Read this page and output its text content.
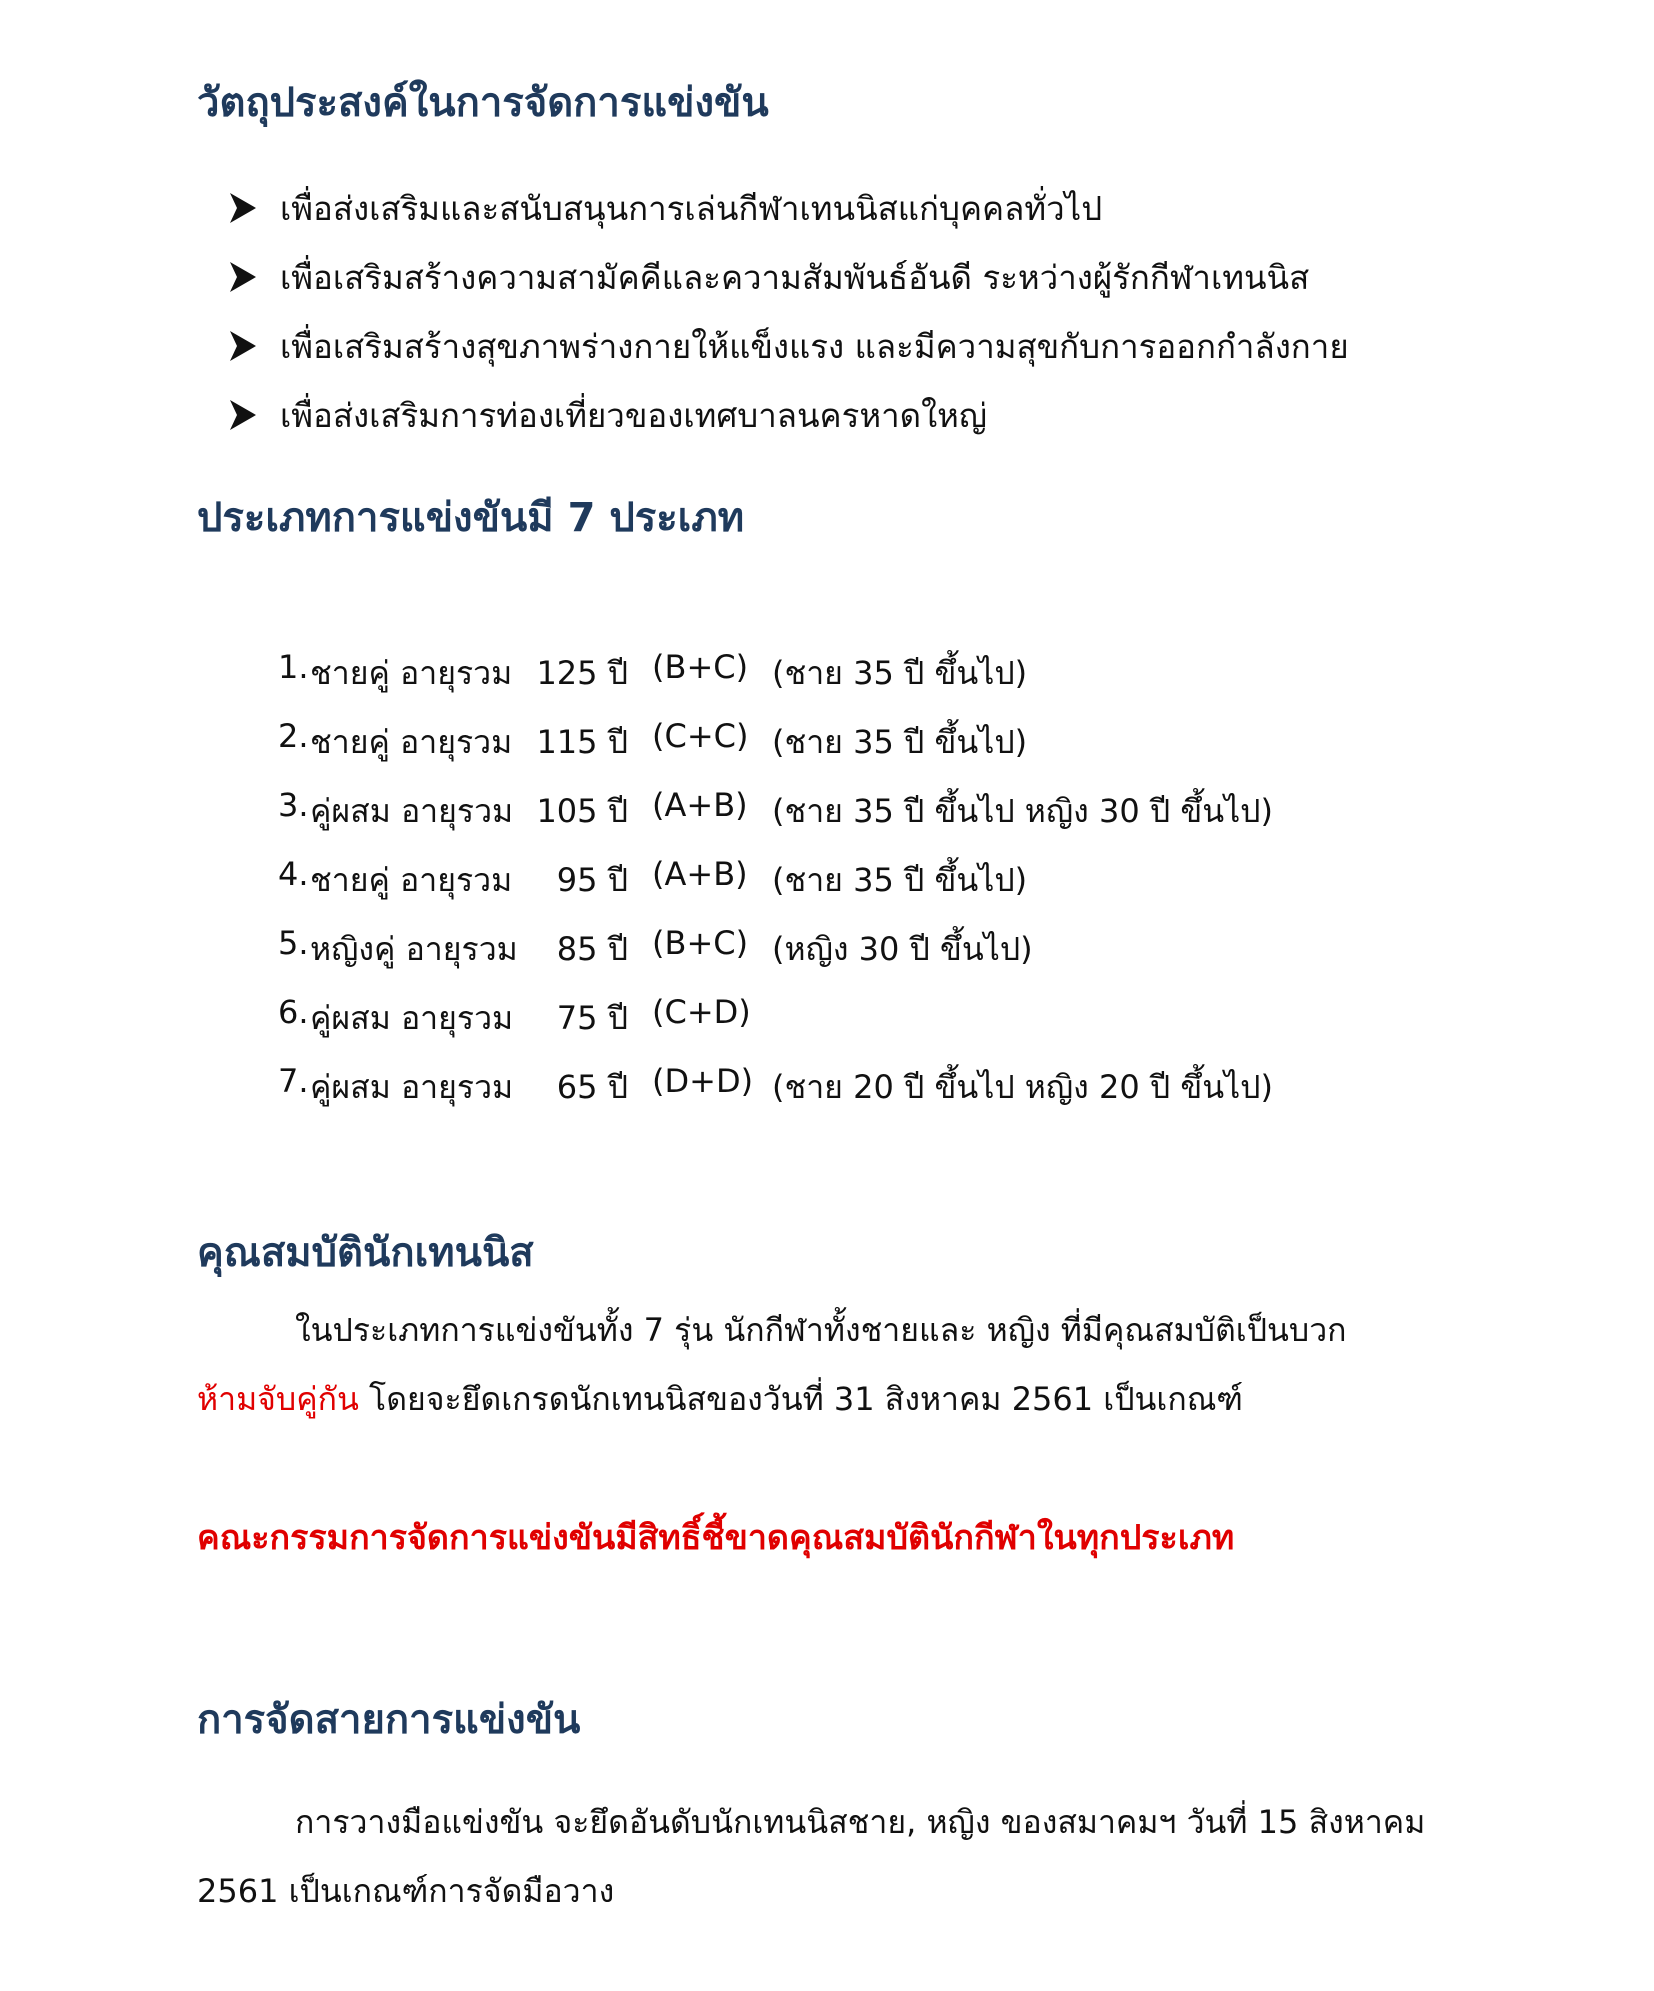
วัตถุประสงค์ในการจัดการแข่งขัน
เพื่อส่งเสริมและสนับสนุนการเล่นกีฬาเทนนิสแก่บุคคลทั่วไป
เพื่อเสริมสร้างความสามัคคีและความสัมพันธ์อันดี ระหว่างผู้รักกีฬาเทนนิส
เพื่อเสริมสร้างสุขภาพร่างกายให้แข็งแรง และมีความสุขกับการออกกำลังกาย
เพื่อส่งเสริมการท่องเที่ยวของเทศบาลนครหาดใหญ่
ประเภทการแข่งขันมี 7 ประเภท
1. ชายคู่ อายุรวม 125 ปี (B+C) (ชาย 35 ปี ขึ้นไป)
2. ชายคู่ อายุรวม 115 ปี (C+C) (ชาย 35 ปี ขึ้นไป)
3. คู่ผสม อายุรวม 105 ปี (A+B) (ชาย 35 ปี ขึ้นไป หญิง 30 ปี ขึ้นไป)
4. ชายคู่ อายุรวม	95 ปี (A+B) (ชาย 35 ปี ขึ้นไป)
5. หญิงคู่ อายุรวม	85 ปี (B+C) (หญิง 30 ปี ขึ้นไป)
6. คู่ผสม อายุรวม	75 ปี (C+D)
7. คู่ผสม อายุรวม	65 ปี (D+D) (ชาย 20 ปี ขึ้นไป หญิง 20 ปี ขึ้นไป)
คุณสมบัตินักเทนนิส
ในประเภทการแข่งขันทั้ง 7 รุ่น นักกีฬาทั้งชายและ หญิง ที่มีคุณสมบัติเป็นบวก
ห้ามจับคู่กัน โดยจะยึดเกรดนักเทนนิสของวันที่ 31 สิงหาคม 2561 เป็นเกณฑ์
คณะกรรมการจัดการแข่งขันมีสิทธิ์ชี้ขาดคุณสมบัตินักกีฬาในทุกประเภท
การจัดสายการแข่งขัน
การวางมือแข่งขัน จะยึดอันดับนักเทนนิสชาย, หญิง ของสมาคมฯ วันที่ 15 สิงหาคม
2561 เป็นเกณฑ์การจัดมือวาง
